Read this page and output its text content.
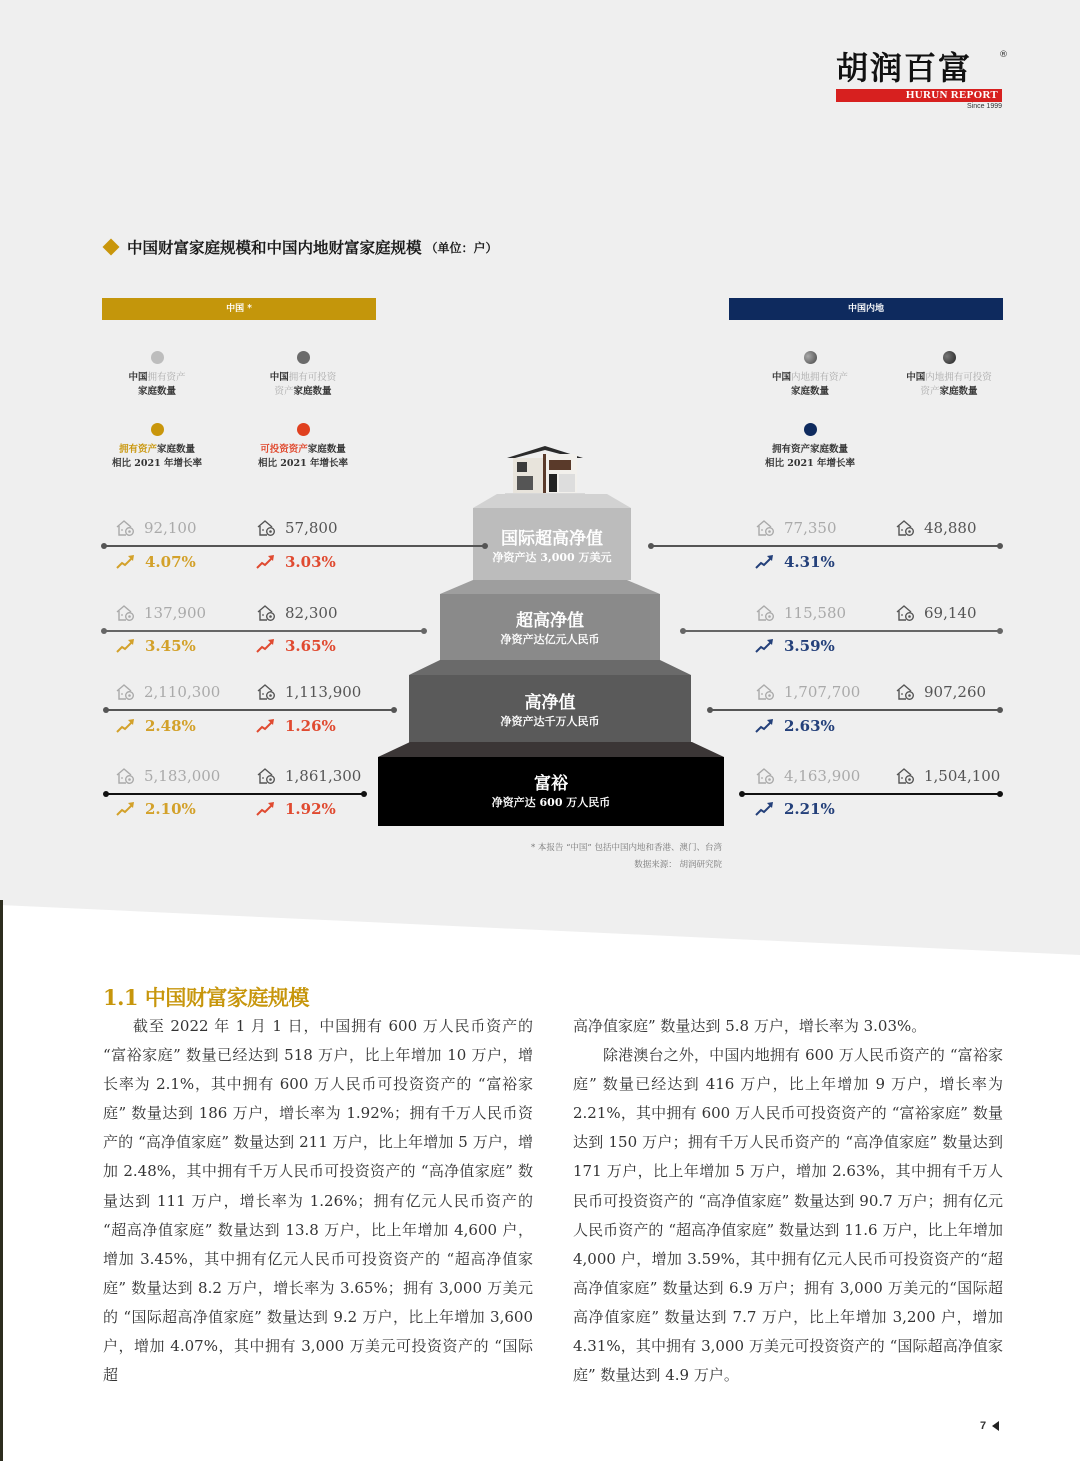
胡润百富	®
HURUN REPORT
Since 1999
中国财富家庭规模和中国内地财富家庭规模 （单位：户）
中国 *	中国内地
中国拥有资产
家庭数量
中国拥有可投资
资产家庭数量
拥有资产家庭数量
相比 2021 年增长率
可投资资产家庭数量
相比 2021 年增长率
中国内地拥有资产
家庭数量
中国内地拥有可投资
资产家庭数量
拥有资产家庭数量
相比 2021 年增长率
国际超高净值
净资产达 3,000 万美元
超高净值
净资产达亿元人民币
高净值
净资产达千万人民币
富裕
净资产达 600 万人民币
92,100	57,800
4.07%	3.03%
77,350	48,880
4.31%
137,900	82,300
3.45%	3.65%
115,580	69,140
3.59%
2,110,300	1,113,900
2.48%	1.26%
1,707,700	907,260
2.63%
5,183,000	1,861,300
2.10%	1.92%
4,163,900	1,504,100
2.21%
* 本报告 “中国” 包括中国内地和香港、澳门、台湾
数据来源： 胡润研究院
1.1 中国财富家庭规模

截至 2022 年 1 月 1 日，中国拥有 600 万人民币资产的 “富裕家庭” 数量已经达到 518 万户，比上年增加 10 万户，增长率为 2.1%，其中拥有 600 万人民币可投资资产的 “富裕家庭” 数量达到 186 万户，增长率为 1.92%；拥有千万人民币资产的 “高净值家庭” 数量达到 211 万户，比上年增加 5 万户，增加 2.48%，其中拥有千万人民币可投资资产的 “高净值家庭” 数量达到 111 万户，增长率为 1.26%；拥有亿元人民币资产的 “超高净值家庭” 数量达到 13.8 万户，比上年增加 4,600 户，增加 3.45%，其中拥有亿元人民币可投资资产的 “超高净值家庭” 数量达到 8.2 万户，增长率为 3.65%；拥有 3,000 万美元的 “国际超高净值家庭” 数量达到 9.2 万户，比上年增加 3,600 户，增加 4.07%，其中拥有 3,000 万美元可投资资产的 “国际超

高净值家庭” 数量达到 5.8 万户，增长率为 3.03%。

除港澳台之外，中国内地拥有 600 万人民币资产的 “富裕家庭” 数量已经达到 416 万户，比上年增加 9 万户，增长率为 2.21%，其中拥有 600 万人民币可投资资产的 “富裕家庭” 数量达到 150 万户；拥有千万人民币资产的 “高净值家庭” 数量达到 171 万户，比上年增加 5 万户，增加 2.63%，其中拥有千万人民币可投资资产的 “高净值家庭” 数量达到 90.7 万户；拥有亿元人民币资产的 “超高净值家庭” 数量达到 11.6 万户，比上年增加 4,000 户，增加 3.59%，其中拥有亿元人民币可投资资产的“超高净值家庭” 数量达到 6.9 万户；拥有 3,000 万美元的“国际超高净值家庭” 数量达到 7.7 万户，比上年增加 3,200 户，增加 4.31%，其中拥有 3,000 万美元可投资资产的 “国际超高净值家庭” 数量达到 4.9 万户。

7
